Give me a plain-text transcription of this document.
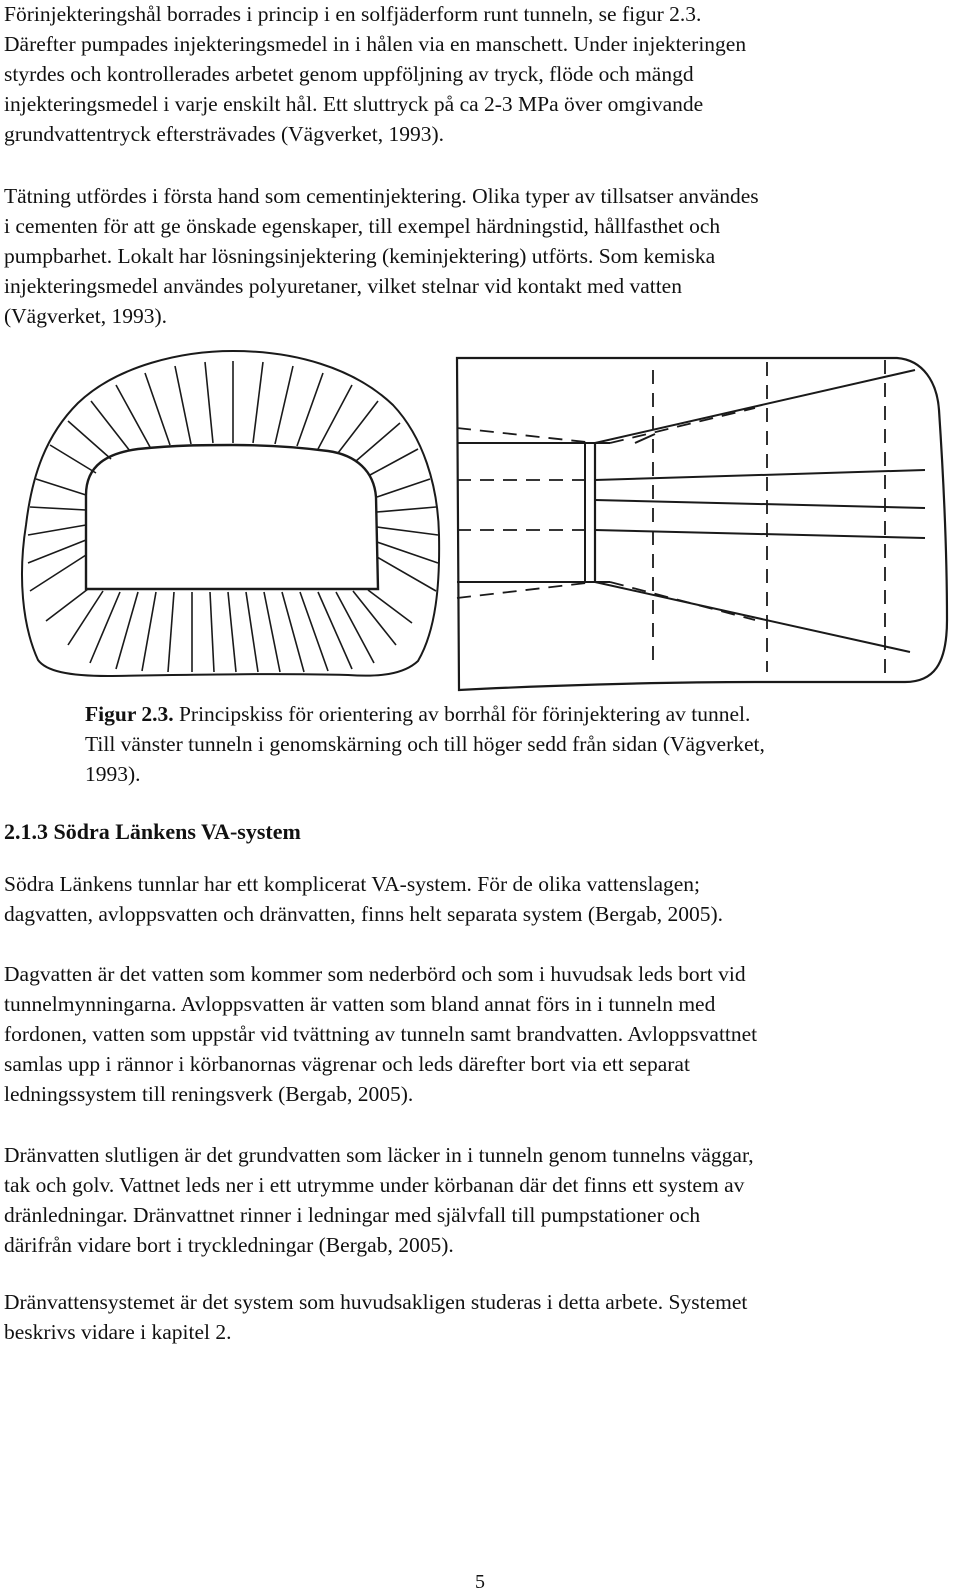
Förinjekteringshål borrades i princip i en solfjäderform runt tunneln, se figur 2.3.
Därefter pumpades injekteringsmedel in i hålen via en manschett. Under injekteringen
styrdes och kontrollerades arbetet genom uppföljning av tryck, flöde och mängd
injekteringsmedel i varje enskilt hål. Ett sluttryck på ca 2-3 MPa över omgivande
grundvattentryck eftersträvades (Vägverket, 1993).

Tätning utfördes i första hand som cementinjektering. Olika typer av tillsatser användes
i cementen för att ge önskade egenskaper, till exempel härdningstid, hållfasthet och
pumpbarhet. Lokalt har lösningsinjektering (keminjektering) utförts. Som kemiska
injekteringsmedel användes polyuretaner, vilket stelnar vid kontakt med vatten
(Vägverket, 1993).

Figur 2.3. Principskiss för orientering av borrhål för förinjektering av tunnel.
Till vänster tunneln i genomskärning och till höger sedd från sidan (Vägverket,
1993).

2.1.3 Södra Länkens VA-system

Södra Länkens tunnlar har ett komplicerat VA-system. För de olika vattenslagen;
dagvatten, avloppsvatten och dränvatten, finns helt separata system (Bergab, 2005).

Dagvatten är det vatten som kommer som nederbörd och som i huvudsak leds bort vid
tunnelmynningarna. Avloppsvatten är vatten som bland annat förs in i tunneln med
fordonen, vatten som uppstår vid tvättning av tunneln samt brandvatten. Avloppsvattnet
samlas upp i rännor i körbanornas vägrenar och leds därefter bort via ett separat
ledningssystem till reningsverk (Bergab, 2005).

Dränvatten slutligen är det grundvatten som läcker in i tunneln genom tunnelns väggar,
tak och golv. Vattnet leds ner i ett utrymme under körbanan där det finns ett system av
dränledningar. Dränvattnet rinner i ledningar med självfall till pumpstationer och
därifrån vidare bort i tryckledningar (Bergab, 2005).

Dränvattensystemet är det system som huvudsakligen studeras i detta arbete. Systemet
beskrivs vidare i kapitel 2.

5
